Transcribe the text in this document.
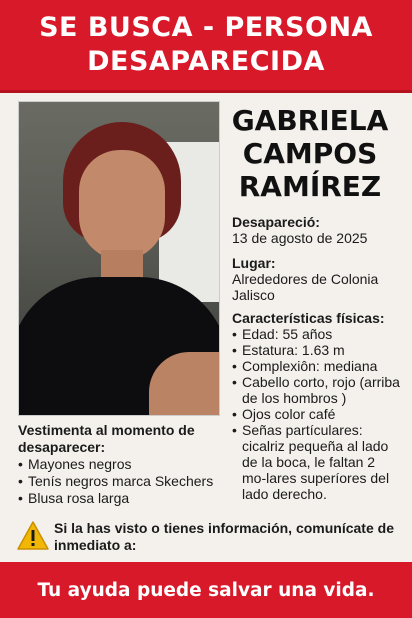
SE BUSCA - PERSONA
DESAPARECIDA
GABRIELA
CAMPOS
RAMÍREZ
Desapareció:
13 de agosto de 2025
Lugar:
Alrededores de Colonia Jalisco
Características físicas:
• Edad: 55 años
• Estatura: 1.63 m
• Complexiôn: mediana
• Cabello corto, rojo (arriba de los hombros )
• Ojos color café
• Señas partículares: cicalriz pequeña al lado de la boca, le faltan 2 mo-lares superíores del lado derecho.
Vestimenta al momento de desaparecer:
• Mayones negros
• Tenís negros marca Skechers
• Blusa rosa larga
Si la has visto o tienes información, comunícate de inmediato a:
Tu ayuda puede salvar una vida.
